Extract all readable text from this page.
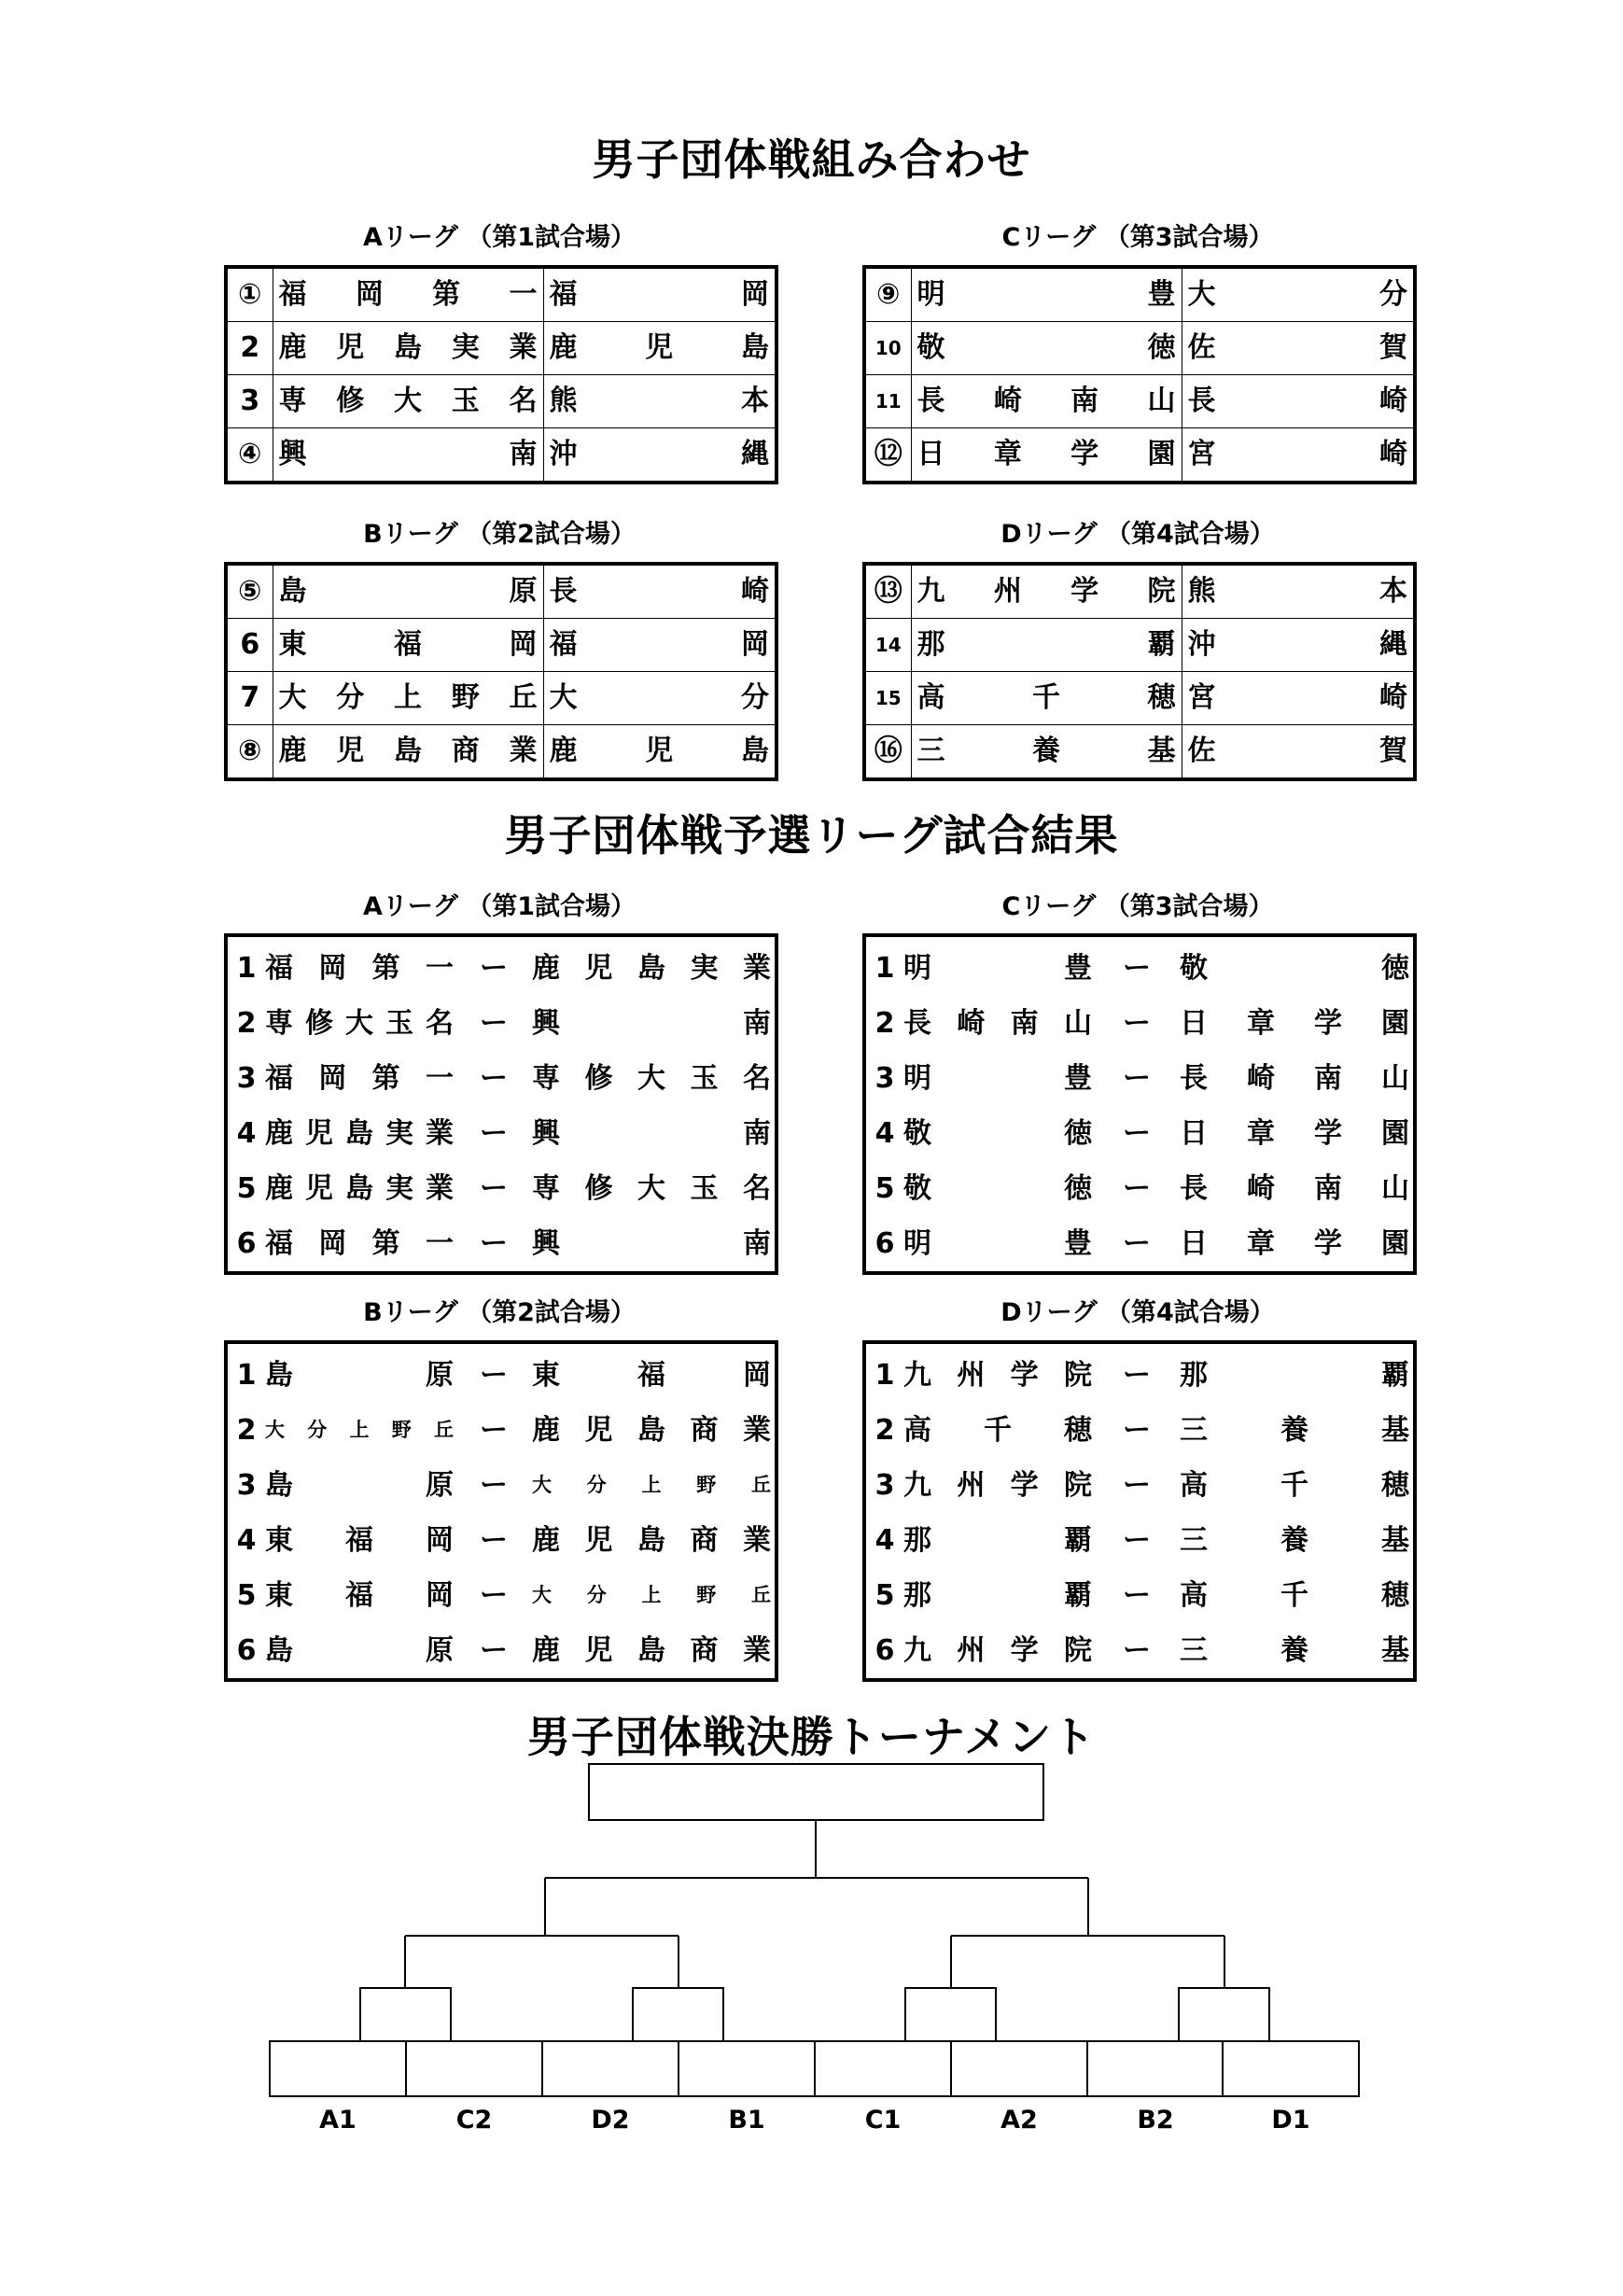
男子団体戦組み合わせ
Aリーグ （第1試合場）
①	福岡第一	福岡
2	鹿児島実業	鹿児島
3	専修大玉名	熊本
④	興南	沖縄
Cリーグ （第3試合場）
⑨	明豊	大分
10	敬徳	佐賀
11	長崎南山	長崎
⑫	日章学園	宮崎
Bリーグ （第2試合場）
⑤	島原	長崎
6	東福岡	福岡
7	大分上野丘	大分
⑧	鹿児島商業	鹿児島
Dリーグ （第4試合場）
⑬	九州学院	熊本
14	那覇	沖縄
15	高千穂	宮崎
⑯	三養基	佐賀
男子団体戦予選リーグ試合結果
Aリーグ （第1試合場）
1	福岡第一	ー	鹿児島実業

2	専修大玉名	ー	興南

3	福岡第一	ー	専修大玉名

4	鹿児島実業	ー	興南

5	鹿児島実業	ー	専修大玉名

6	福岡第一	ー	興南
Cリーグ （第3試合場）
1	明豊	ー	敬徳

2	長崎南山	ー	日章学園

3	明豊	ー	長崎南山

4	敬徳	ー	日章学園

5	敬徳	ー	長崎南山

6	明豊	ー	日章学園
Bリーグ （第2試合場）
1	島原	ー	東福岡

2	大分上野丘	ー	鹿児島商業

3	島原	ー	大分上野丘

4	東福岡	ー	鹿児島商業

5	東福岡	ー	大分上野丘

6	島原	ー	鹿児島商業
Dリーグ （第4試合場）
1	九州学院	ー	那覇

2	高千穂	ー	三養基

3	九州学院	ー	高千穂

4	那覇	ー	三養基

5	那覇	ー	高千穂

6	九州学院	ー	三養基
男子団体戦決勝トーナメント
A1	C2	D2	B1	C1	A2	B2	D1
